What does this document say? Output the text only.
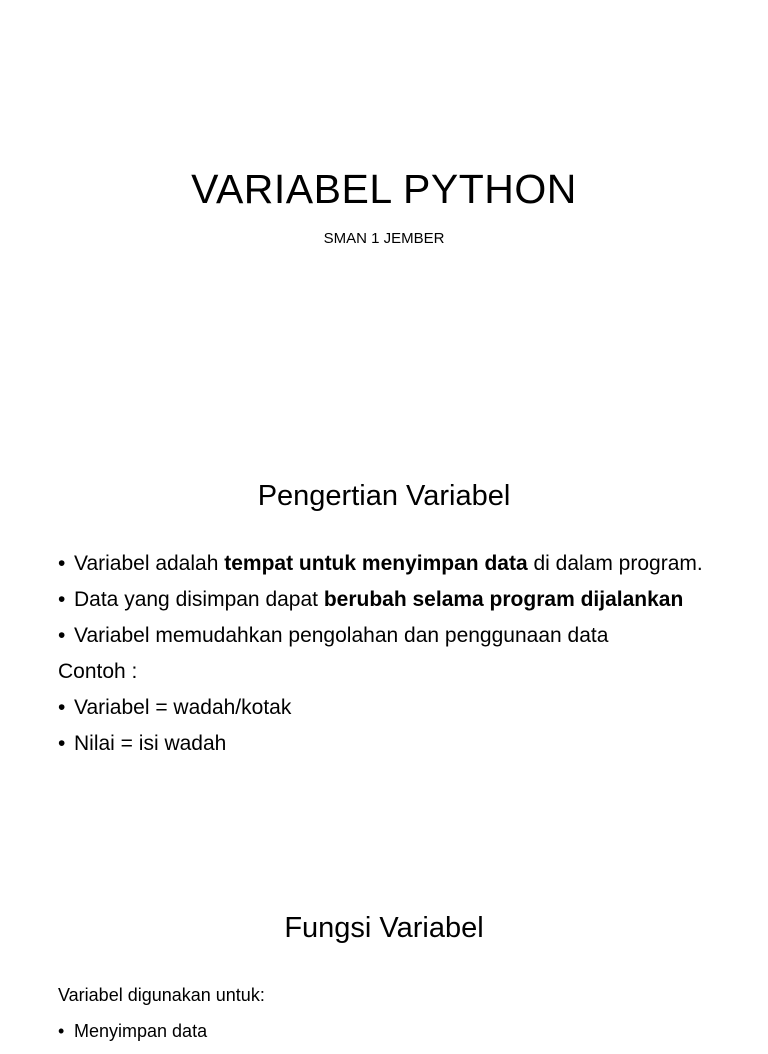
VARIABEL PYTHON

SMAN 1 JEMBER

Pengertian Variabel
• Variabel adalah tempat untuk menyimpan data di dalam program.
• Data yang disimpan dapat berubah selama program dijalankan
• Variabel memudahkan pengolahan dan penggunaan data
Contoh :
• Variabel = wadah/kotak
• Nilai = isi wadah
Fungsi Variabel
Variabel digunakan untuk:
• Menyimpan data
